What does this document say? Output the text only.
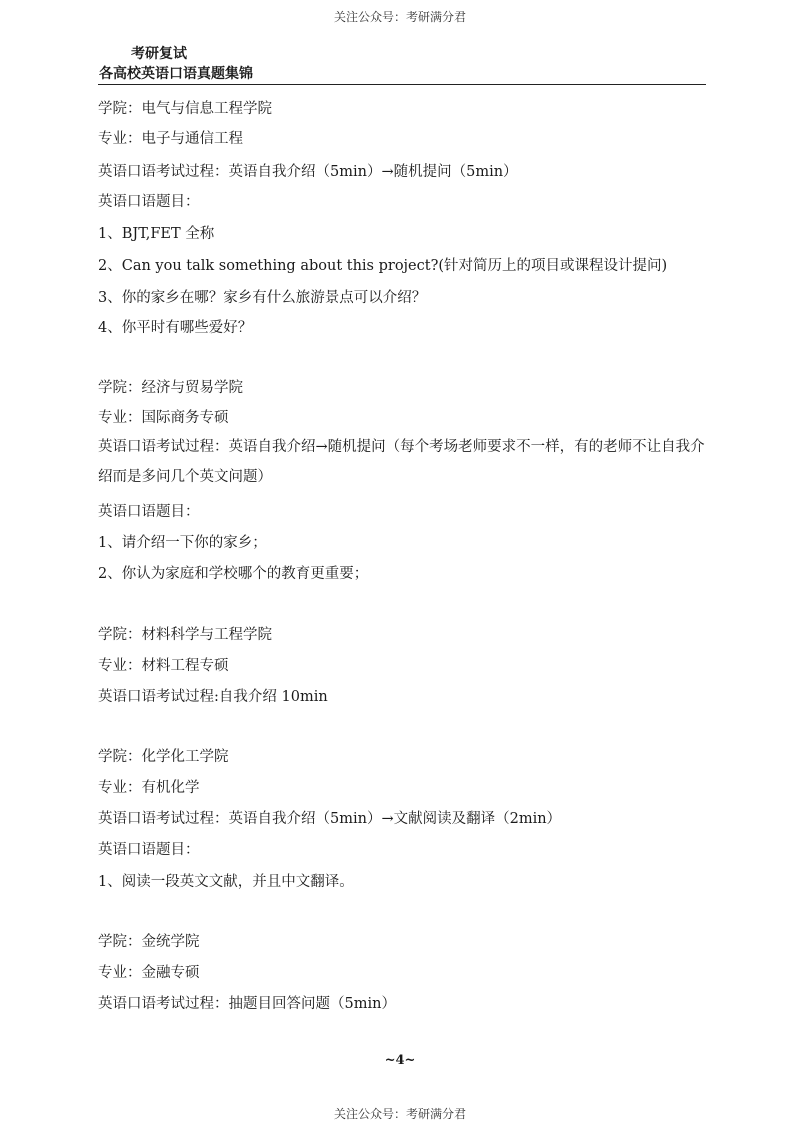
关注公众号：考研满分君
考研复试
各高校英语口语真题集锦
学院：电气与信息工程学院
专业：电子与通信工程
英语口语考试过程：英语自我介绍（5min）→随机提问（5min）
英语口语题目：
1、BJT,FET 全称
2、Can you talk something about this project?(针对简历上的项目或课程设计提问)
3、你的家乡在哪？家乡有什么旅游景点可以介绍？
4、你平时有哪些爱好？
学院：经济与贸易学院
专业：国际商务专硕
英语口语考试过程：英语自我介绍→随机提问（每个考场老师要求不一样，有的老师不让自我介绍而是多问几个英文问题）
英语口语题目：
1、请介绍一下你的家乡；
2、你认为家庭和学校哪个的教育更重要；
学院：材料科学与工程学院
专业：材料工程专硕
英语口语考试过程:自我介绍 10min
学院：化学化工学院
专业：有机化学
英语口语考试过程：英语自我介绍（5min）→文献阅读及翻译（2min）
英语口语题目：
1、阅读一段英文文献，并且中文翻译。
学院：金统学院
专业：金融专硕
英语口语考试过程：抽题目回答问题（5min）
~4~
关注公众号：考研满分君
